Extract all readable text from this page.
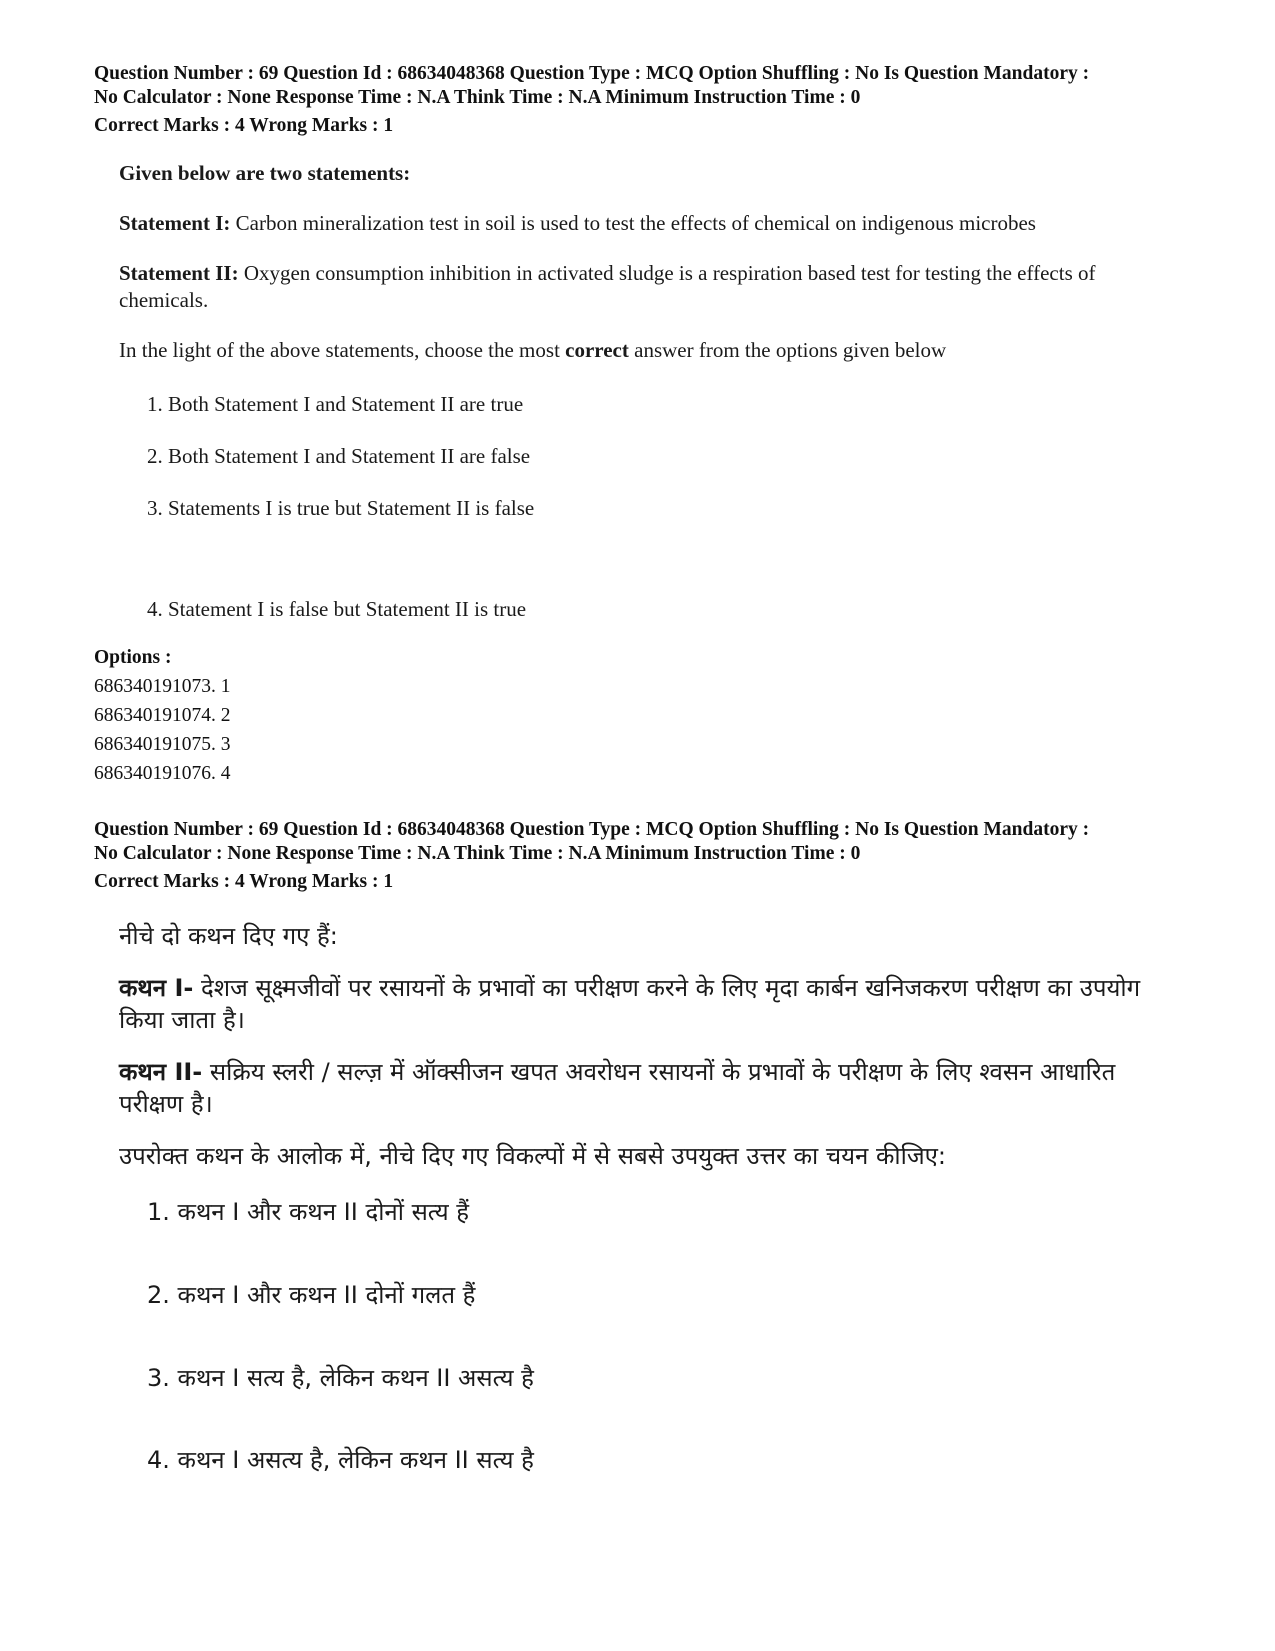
Question Number : 69 Question Id : 68634048368 Question Type : MCQ Option Shuffling : No Is Question Mandatory :
No Calculator : None Response Time : N.A Think Time : N.A Minimum Instruction Time : 0
Correct Marks : 4 Wrong Marks : 1

Given below are two statements:

Statement I: Carbon mineralization test in soil is used to test the effects of chemical on indigenous microbes

Statement II: Oxygen consumption inhibition in activated sludge is a respiration based test for testing the effects of chemicals.

In the light of the above statements, choose the most correct answer from the options given below

1. Both Statement I and Statement II are true
2. Both Statement I and Statement II are false
3. Statements I is true but Statement II is false
4. Statement I is false but Statement II is true
Options :
686340191073. 1
686340191074. 2
686340191075. 3
686340191076. 4
Question Number : 69 Question Id : 68634048368 Question Type : MCQ Option Shuffling : No Is Question Mandatory :
No Calculator : None Response Time : N.A Think Time : N.A Minimum Instruction Time : 0
Correct Marks : 4 Wrong Marks : 1

नीचे दो कथन दिए गए हैं:

कथन I- देशज सूक्ष्मजीवों पर रसायनों के प्रभावों का परीक्षण करने के लिए मृदा कार्बन खनिजकरण परीक्षण का उपयोग किया जाता है।

कथन II- सक्रिय स्लरी / सल्ज़ में ऑक्सीजन खपत अवरोधन रसायनों के प्रभावों के परीक्षण के लिए श्वसन आधारित परीक्षण है।

उपरोक्त कथन के आलोक में, नीचे दिए गए विकल्पों में से सबसे उपयुक्त उत्तर का चयन कीजिए:

1. कथन I और कथन II दोनों सत्य हैं
2. कथन I और कथन II दोनों गलत हैं
3. कथन I सत्य है, लेकिन कथन II असत्य है
4. कथन I असत्य है, लेकिन कथन II सत्य है
